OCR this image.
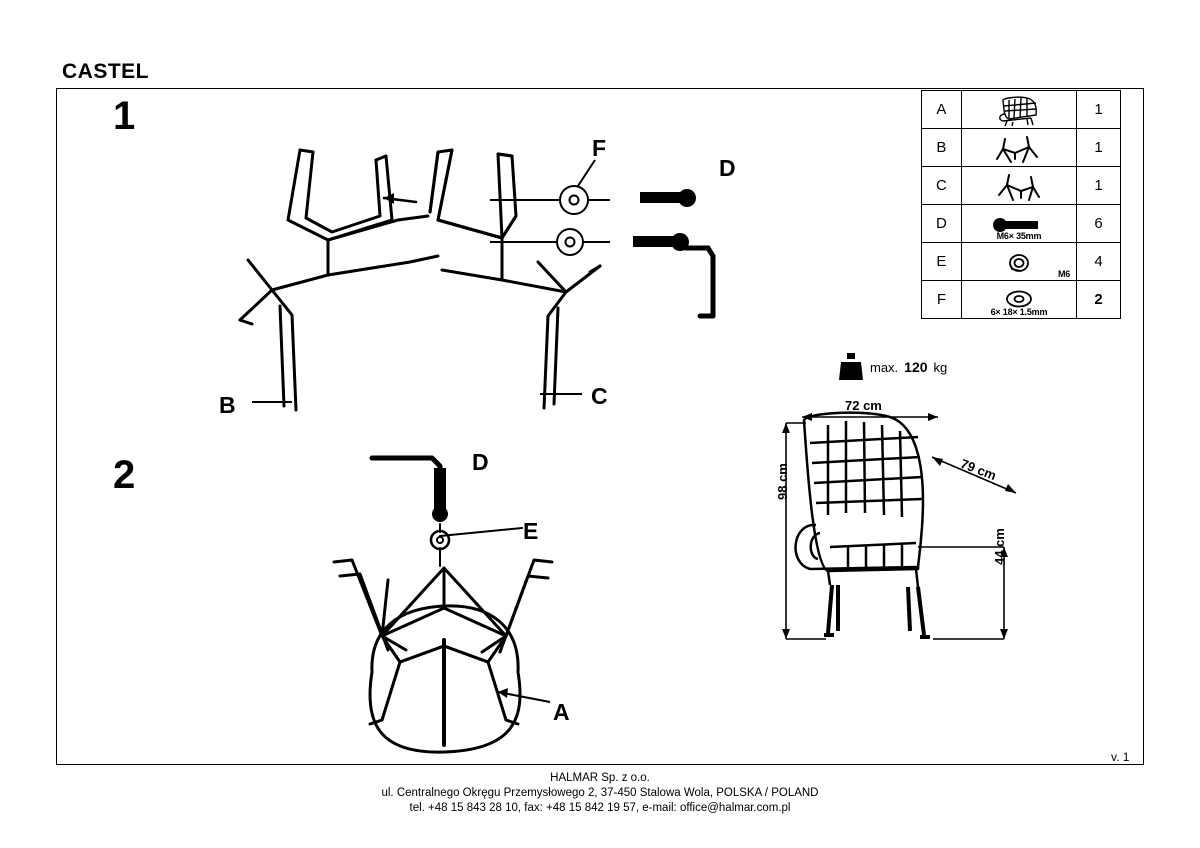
CASTEL
1
2
F
D
B	C
D
E
A
A		1
B		1
C		1
D	M6× 35mm	6
E	M6	4
F	6× 18× 1.5mm	2
max. 120 kg
72 cm
79 cm
98 cm
44 cm
v. 1
HALMAR Sp. z o.o.
ul. Centralnego Okręgu Przemysłowego 2, 37-450 Stalowa Wola, POLSKA / POLAND
tel. +48 15 843 28 10, fax: +48 15 842 19 57, e-mail: office@halmar.com.pl
